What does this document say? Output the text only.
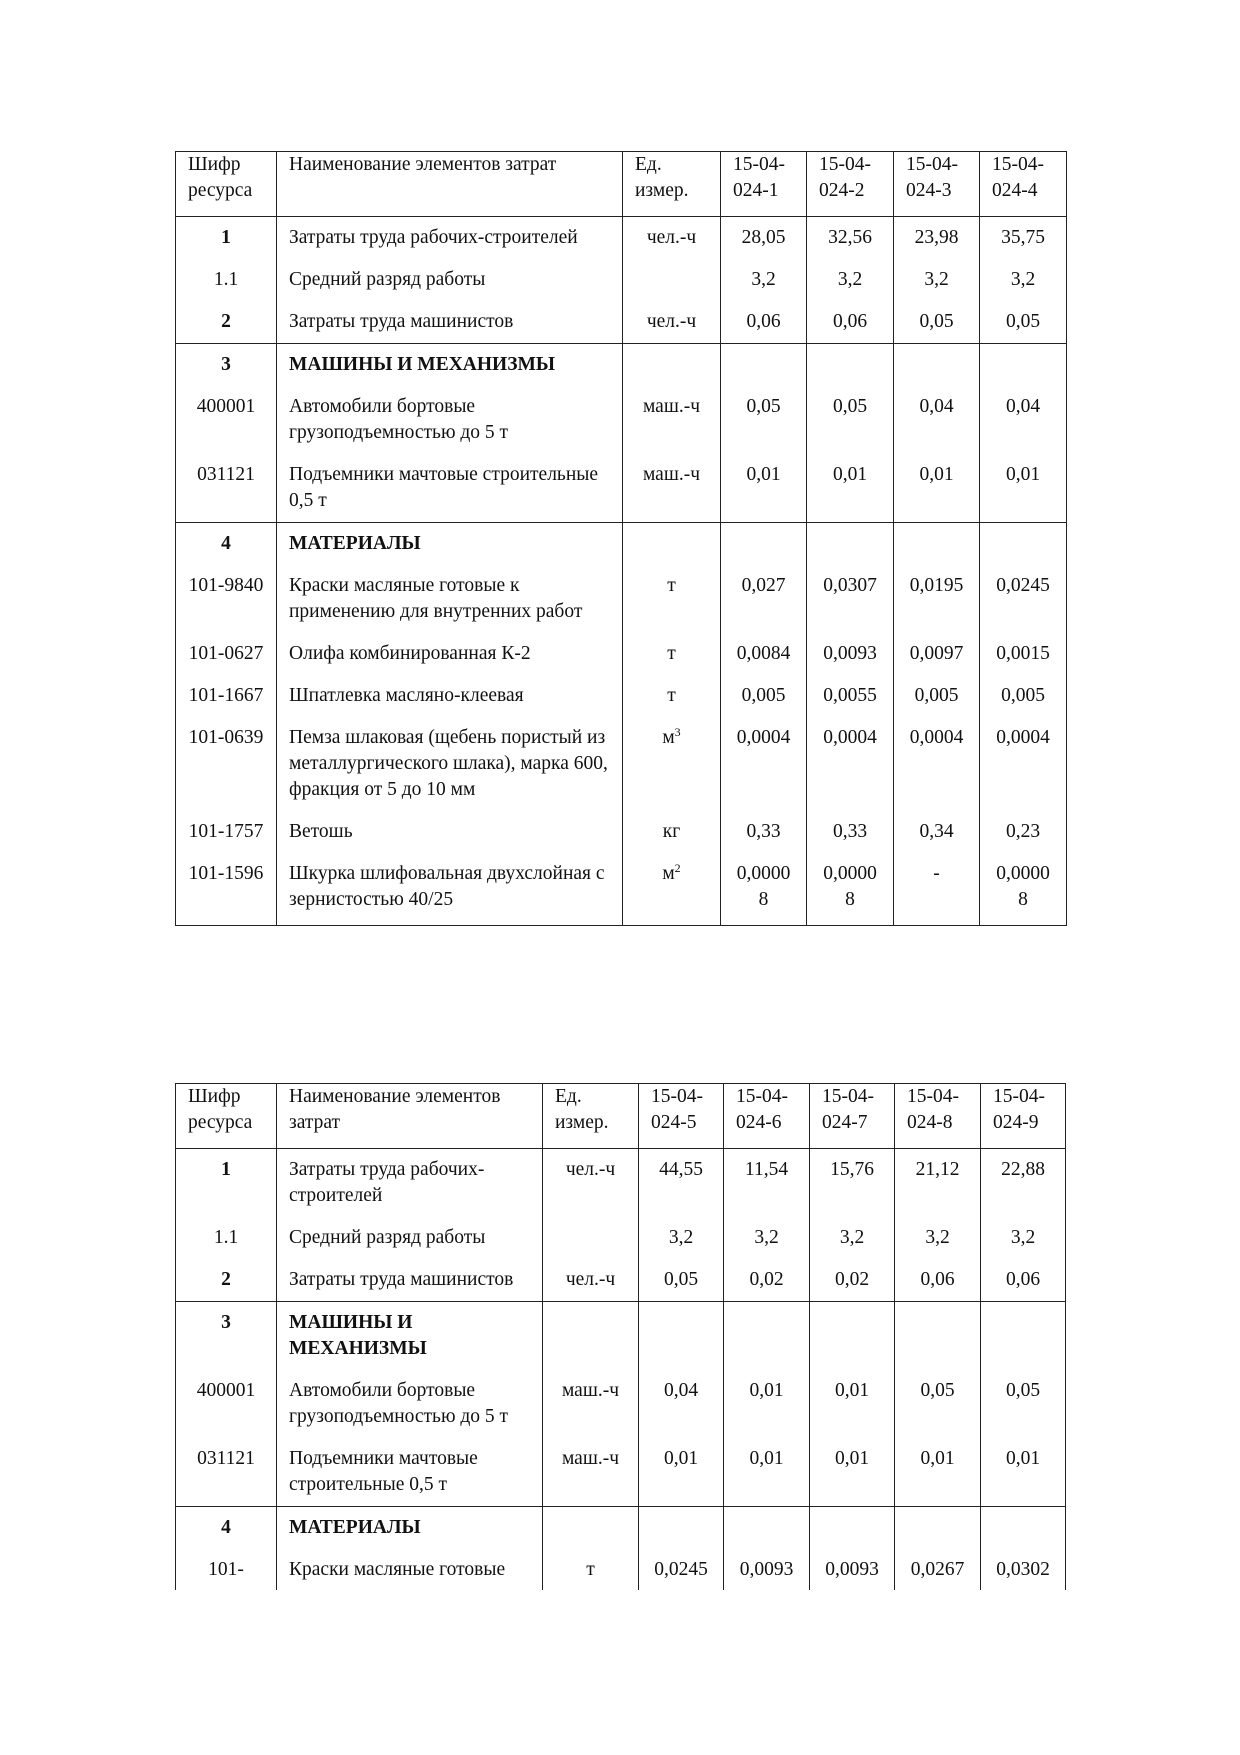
Шифр ресурса	Наименование элементов затрат	Ед. измер.	15-04-024-1	15-04-024-2	15-04-024-3	15-04-024-4
1	Затраты труда рабочих-строителей	чел.-ч	28,05	32,56	23,98	35,75
1.1	Средний разряд работы		3,2	3,2	3,2	3,2
2	Затраты труда машинистов	чел.-ч	0,06	0,06	0,05	0,05
3	МАШИНЫ И МЕХАНИЗМЫ					
400001	Автомобили бортовые грузоподъемностью до 5 т	маш.-ч	0,05	0,05	0,04	0,04
031121	Подъемники мачтовые строительные 0,5 т	маш.-ч	0,01	0,01	0,01	0,01
4	МАТЕРИАЛЫ					
101-9840	Краски масляные готовые к применению для внутренних работ	т	0,027	0,0307	0,0195	0,0245
101-0627	Олифа комбинированная К-2	т	0,0084	0,0093	0,0097	0,0015
101-1667	Шпатлевка масляно-клеевая	т	0,005	0,0055	0,005	0,005
101-0639	Пемза шлаковая (щебень пористый из металлургического шлака), марка 600, фракция от 5 до 10 мм	$м^3$	0,0004	0,0004	0,0004	0,0004
101-1757	Ветошь	кг	0,33	0,33	0,34	0,23
101-1596	Шкурка шлифовальная двухслойная с зернистостью 40/25	$м^2$	0,00008	0,00008	-	0,00008
Шифр ресурса	Наименование элементов затрат	Ед. измер.	15-04-024-5	15-04-024-6	15-04-024-7	15-04-024-8	15-04-024-9
1	Затраты труда рабочих-строителей	чел.-ч	44,55	11,54	15,76	21,12	22,88
1.1	Средний разряд работы		3,2	3,2	3,2	3,2	3,2
2	Затраты труда машинистов	чел.-ч	0,05	0,02	0,02	0,06	0,06
3	МАШИНЫ И МЕХАНИЗМЫ						
400001	Автомобили бортовые грузоподъемностью до 5 т	маш.-ч	0,04	0,01	0,01	0,05	0,05
031121	Подъемники мачтовые строительные 0,5 т	маш.-ч	0,01	0,01	0,01	0,01	0,01
4	МАТЕРИАЛЫ						
101-	Краски масляные готовые	т	0,0245	0,0093	0,0093	0,0267	0,0302
